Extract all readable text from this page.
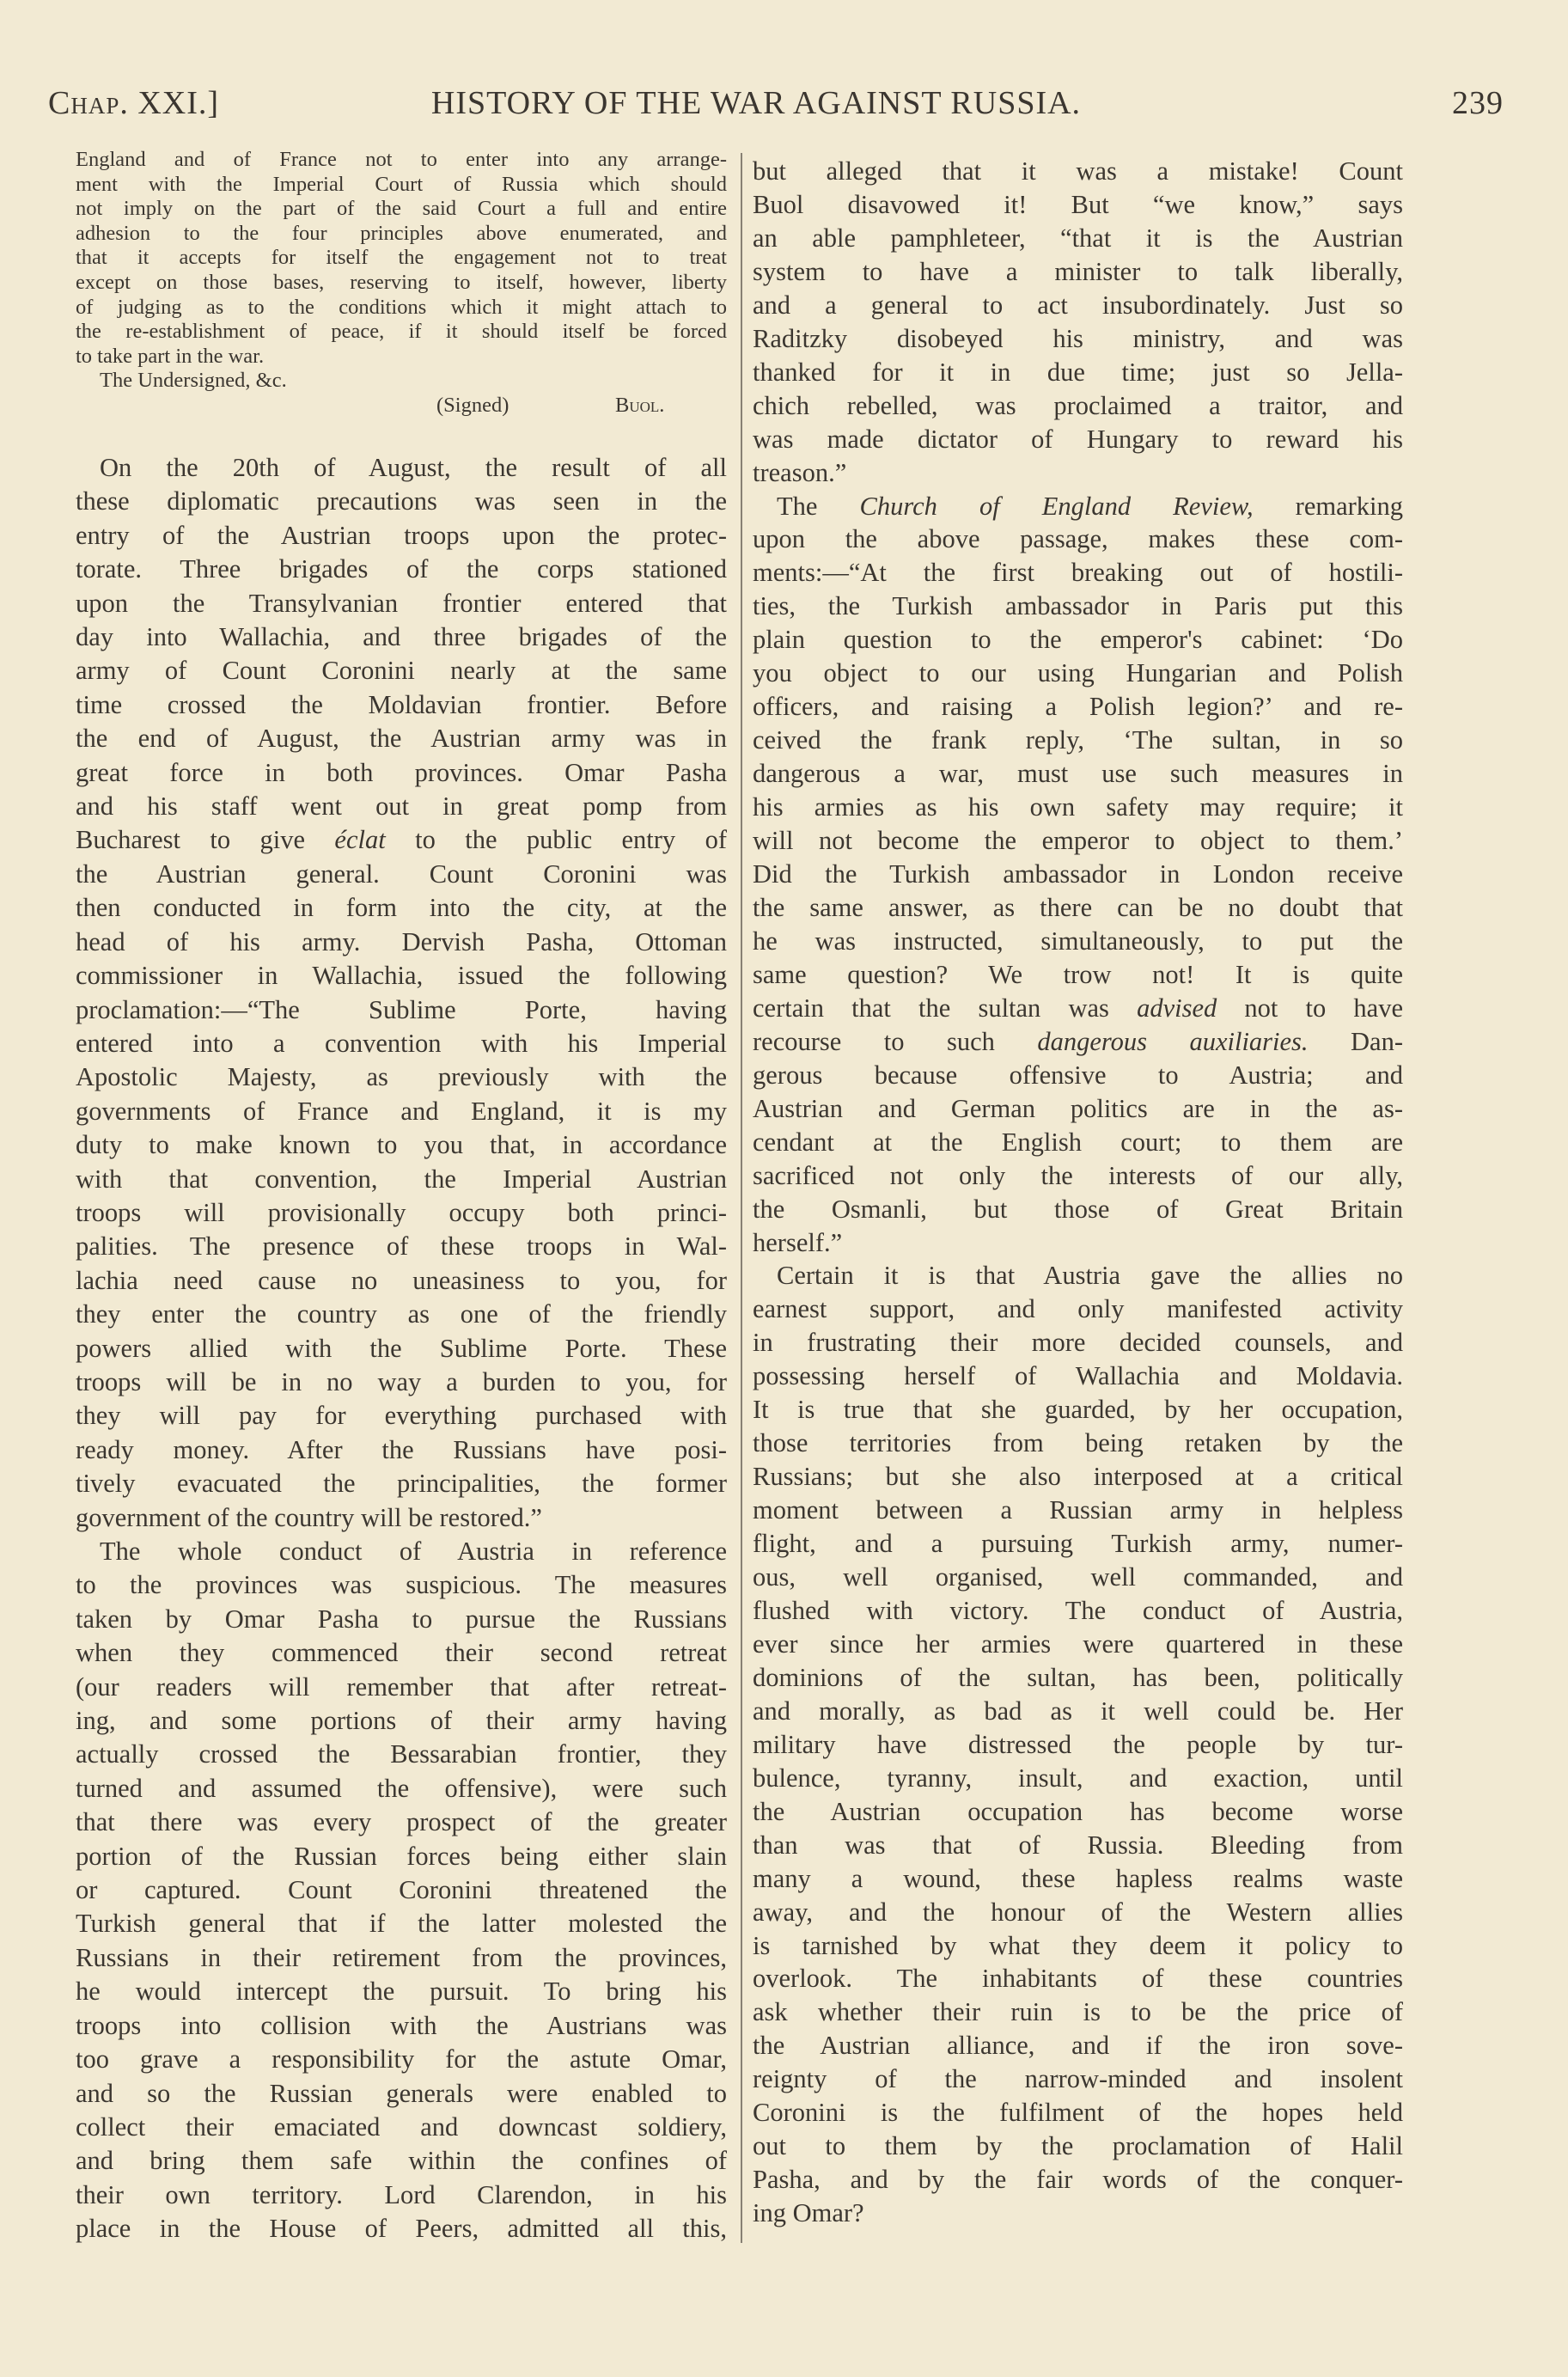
Chap. XXI.]	HISTORY OF THE WAR AGAINST RUSSIA.	239
England and of France not to enter into any arrange-
ment with the Imperial Court of Russia which should
not imply on the part of the said Court a full and entire
adhesion to the four principles above enumerated, and
that it accepts for itself the engagement not to treat
except on those bases, reserving to itself, however, liberty
of judging as to the conditions which it might attach to
the re-establishment of peace, if it should itself be forced
to take part in the war.
The Undersigned, &c.
(Signed)	Buol.
On the 20th of August, the result of all
these diplomatic precautions was seen in the
entry of the Austrian troops upon the protec-
torate. Three brigades of the corps stationed
upon the Transylvanian frontier entered that
day into Wallachia, and three brigades of the
army of Count Coronini nearly at the same
time crossed the Moldavian frontier. Before
the end of August, the Austrian army was in
great force in both provinces. Omar Pasha
and his staff went out in great pomp from
Bucharest to give éclat to the public entry of
the Austrian general. Count Coronini was
then conducted in form into the city, at the
head of his army. Dervish Pasha, Ottoman
commissioner in Wallachia, issued the following
proclamation:—“The Sublime Porte, having
entered into a convention with his Imperial
Apostolic Majesty, as previously with the
governments of France and England, it is my
duty to make known to you that, in accordance
with that convention, the Imperial Austrian
troops will provisionally occupy both princi-
palities. The presence of these troops in Wal-
lachia need cause no uneasiness to you, for
they enter the country as one of the friendly
powers allied with the Sublime Porte. These
troops will be in no way a burden to you, for
they will pay for everything purchased with
ready money. After the Russians have posi-
tively evacuated the principalities, the former
government of the country will be restored.”
The whole conduct of Austria in reference
to the provinces was suspicious. The measures
taken by Omar Pasha to pursue the Russians
when they commenced their second retreat
(our readers will remember that after retreat-
ing, and some portions of their army having
actually crossed the Bessarabian frontier, they
turned and assumed the offensive), were such
that there was every prospect of the greater
portion of the Russian forces being either slain
or captured. Count Coronini threatened the
Turkish general that if the latter molested the
Russians in their retirement from the provinces,
he would intercept the pursuit. To bring his
troops into collision with the Austrians was
too grave a responsibility for the astute Omar,
and so the Russian generals were enabled to
collect their emaciated and downcast soldiery,
and bring them safe within the confines of
their own territory. Lord Clarendon, in his
place in the House of Peers, admitted all this,
but alleged that it was a mistake! Count
Buol disavowed it! But “we know,” says
an able pamphleteer, “that it is the Austrian
system to have a minister to talk liberally,
and a general to act insubordinately. Just so
Raditzky disobeyed his ministry, and was
thanked for it in due time; just so Jella-
chich rebelled, was proclaimed a traitor, and
was made dictator of Hungary to reward his
treason.”
The Church of England Review, remarking
upon the above passage, makes these com-
ments:—“At the first breaking out of hostili-
ties, the Turkish ambassador in Paris put this
plain question to the emperor's cabinet: ‘Do
you object to our using Hungarian and Polish
officers, and raising a Polish legion?’ and re-
ceived the frank reply, ‘The sultan, in so
dangerous a war, must use such measures in
his armies as his own safety may require; it
will not become the emperor to object to them.’
Did the Turkish ambassador in London receive
the same answer, as there can be no doubt that
he was instructed, simultaneously, to put the
same question? We trow not! It is quite
certain that the sultan was advised not to have
recourse to such dangerous auxiliaries. Dan-
gerous because offensive to Austria; and
Austrian and German politics are in the as-
cendant at the English court; to them are
sacrificed not only the interests of our ally,
the Osmanli, but those of Great Britain
herself.”
Certain it is that Austria gave the allies no
earnest support, and only manifested activity
in frustrating their more decided counsels, and
possessing herself of Wallachia and Moldavia.
It is true that she guarded, by her occupation,
those territories from being retaken by the
Russians; but she also interposed at a critical
moment between a Russian army in helpless
flight, and a pursuing Turkish army, numer-
ous, well organised, well commanded, and
flushed with victory. The conduct of Austria,
ever since her armies were quartered in these
dominions of the sultan, has been, politically
and morally, as bad as it well could be. Her
military have distressed the people by tur-
bulence, tyranny, insult, and exaction, until
the Austrian occupation has become worse
than was that of Russia. Bleeding from
many a wound, these hapless realms waste
away, and the honour of the Western allies
is tarnished by what they deem it policy to
overlook. The inhabitants of these countries
ask whether their ruin is to be the price of
the Austrian alliance, and if the iron sove-
reignty of the narrow-minded and insolent
Coronini is the fulfilment of the hopes held
out to them by the proclamation of Halil
Pasha, and by the fair words of the conquer-
ing Omar?
